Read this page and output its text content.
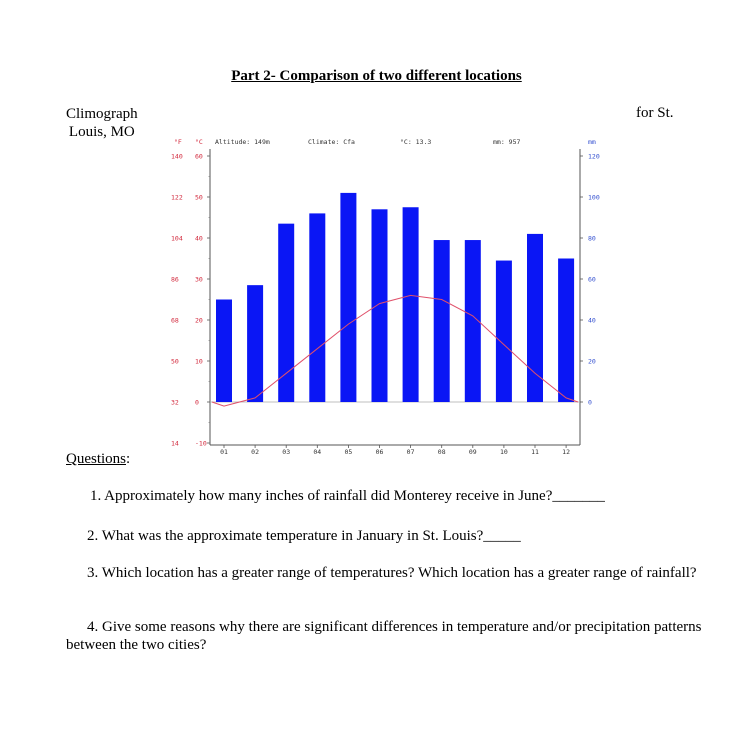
Part 2- Comparison of two different locations
Climograph
Louis, MO
for St.
°F °C Altitude: 149m	Climate: Cfa	°C: 13.3	mm: 957	mm
60
140
50
122
40
104
30
86
20
68
10
50
0
32
-10
14
120
100
80
60
40
20
0
01	02	03	04	05	06	07	08	09	10	11	12
Questions:
1. Approximately how many inches of rainfall did Monterey receive in June?_______
2. What was the approximate temperature in January in St. Louis?_____
3. Which location has a greater range of temperatures? Which location has a greater range of rainfall?
4. Give some reasons why there are significant differences in temperature and/or precipitation patterns between the two cities?
